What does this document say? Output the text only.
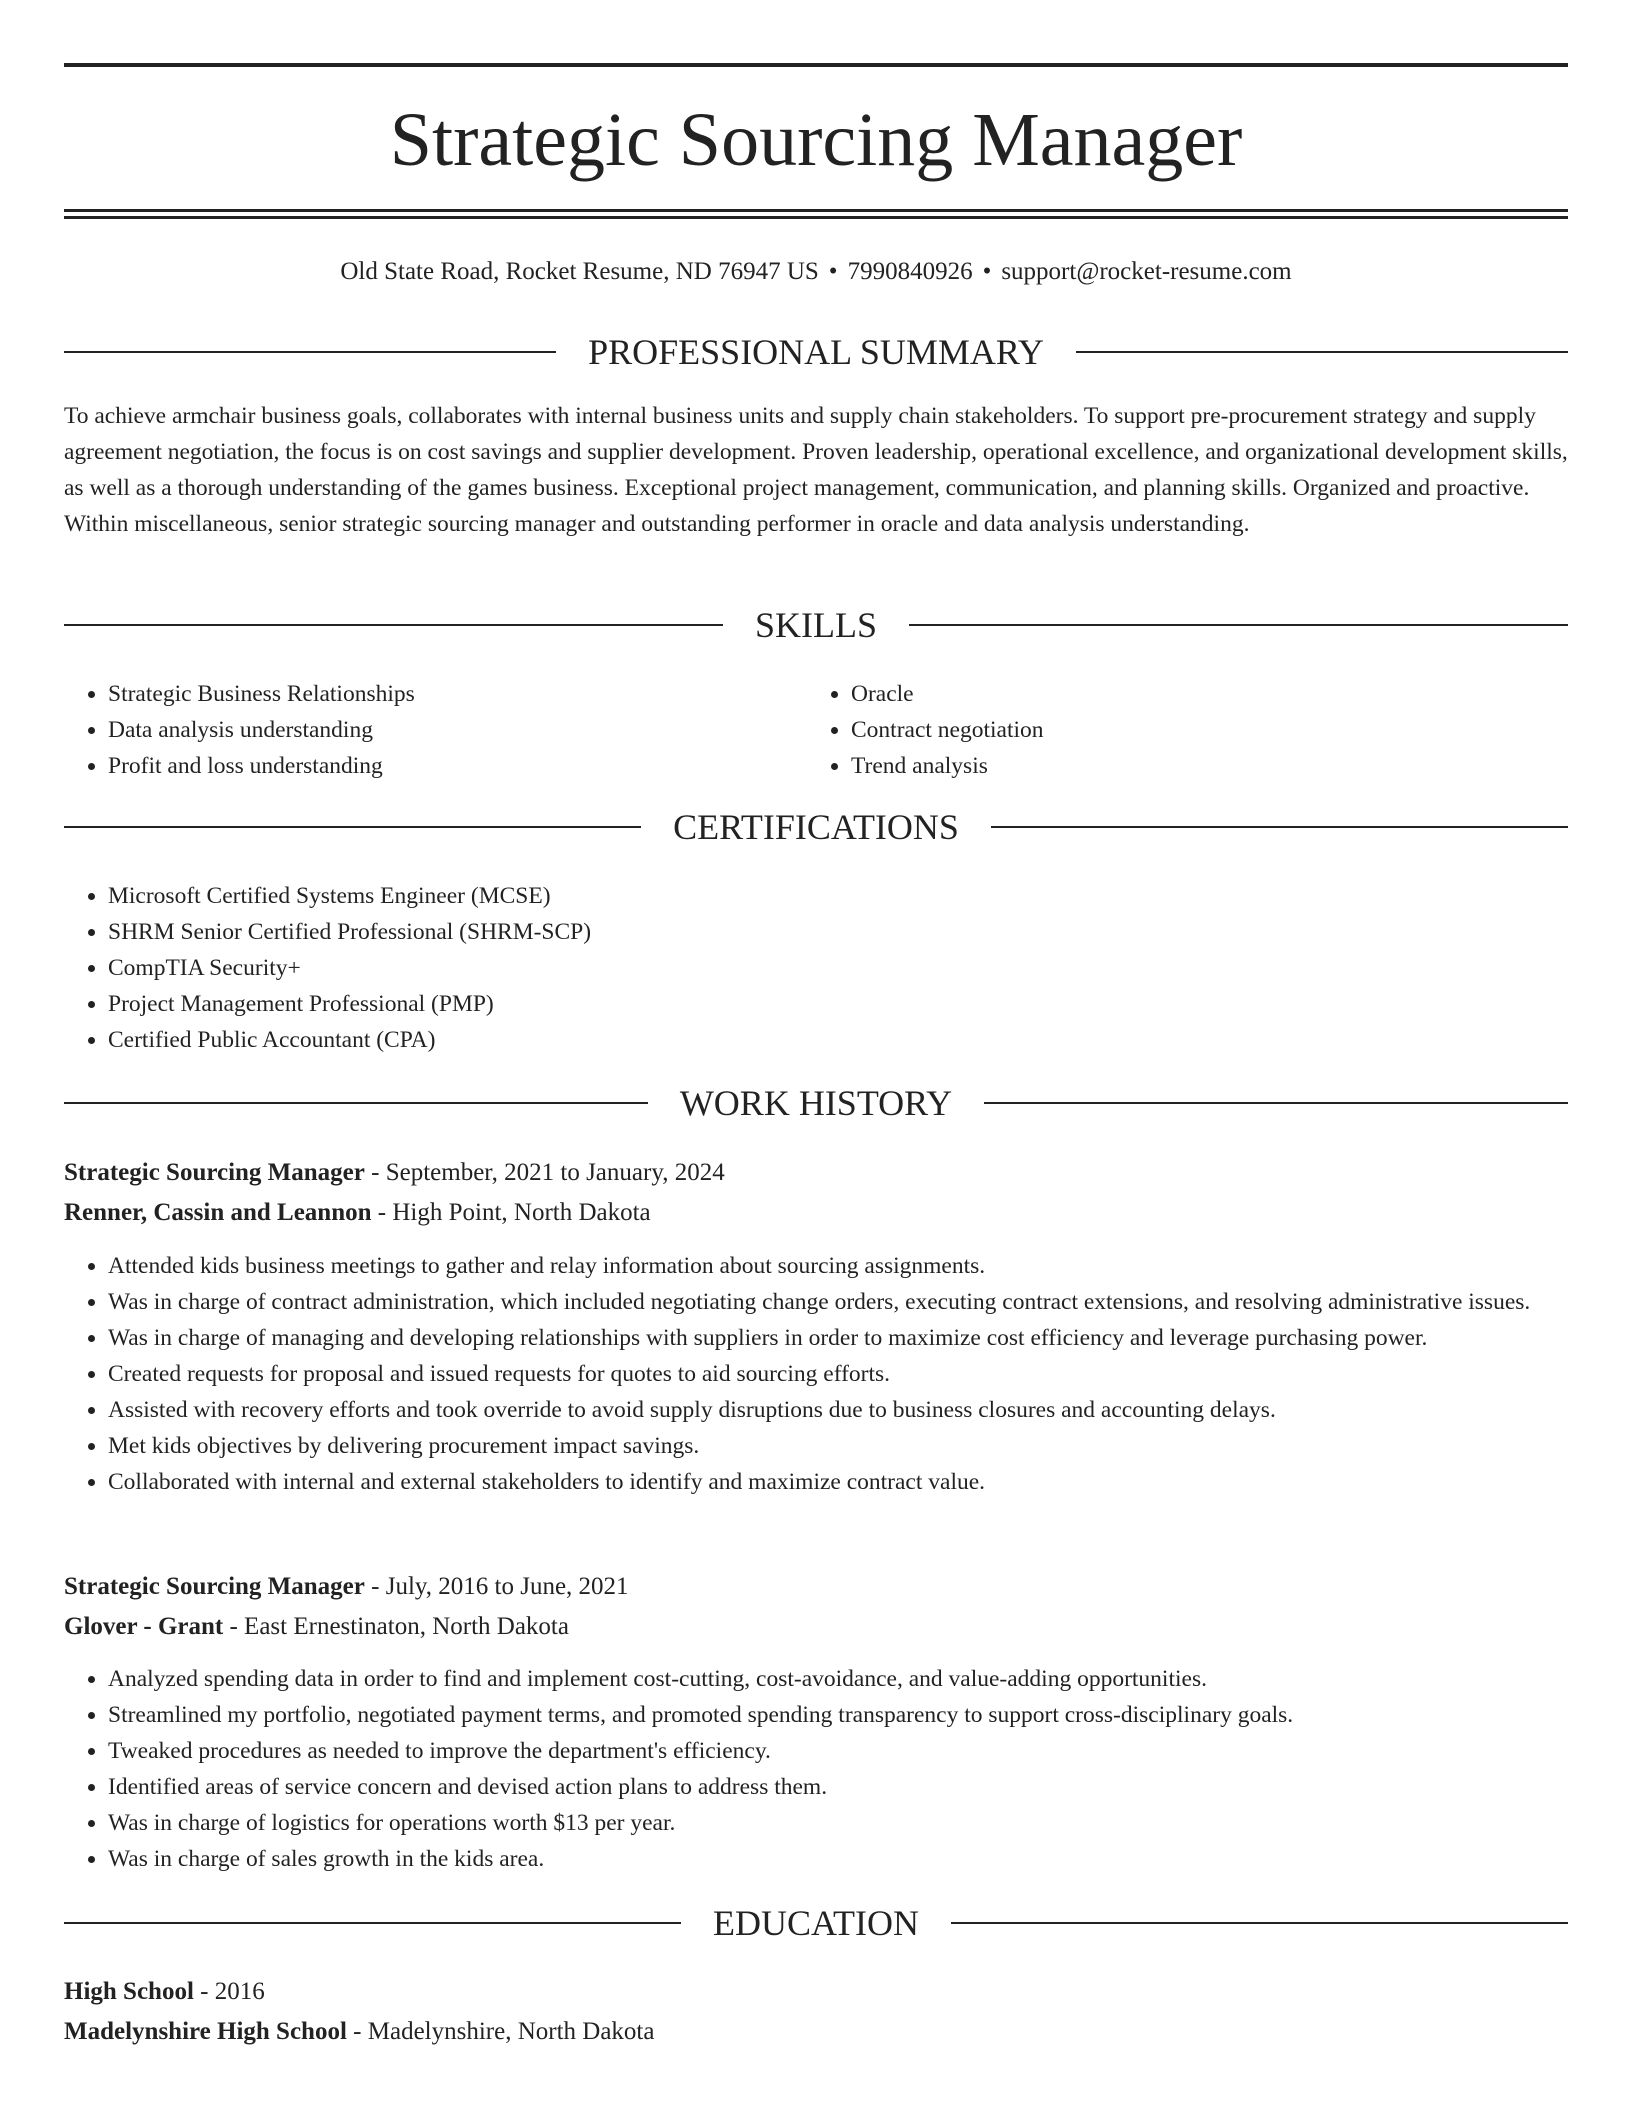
Strategic Sourcing Manager
Old State Road, Rocket Resume, ND 76947 US • 7990840926 • support@rocket-resume.com
PROFESSIONAL SUMMARY

To achieve armchair business goals, collaborates with internal business units and supply chain stakeholders. To support pre-procurement strategy and supply agreement negotiation, the focus is on cost savings and supplier development. Proven leadership, operational excellence, and organizational development skills, as well as a thorough understanding of the games business. Exceptional project management, communication, and planning skills. Organized and proactive. Within miscellaneous, senior strategic sourcing manager and outstanding performer in oracle and data analysis understanding.

SKILLS
• Strategic Business Relationships
• Data analysis understanding
• Profit and loss understanding
• Oracle
• Contract negotiation
• Trend analysis
CERTIFICATIONS
• Microsoft Certified Systems Engineer (MCSE)
• SHRM Senior Certified Professional (SHRM-SCP)
• CompTIA Security+
• Project Management Professional (PMP)
• Certified Public Accountant (CPA)
WORK HISTORY
Strategic Sourcing Manager - September, 2021 to January, 2024
Renner, Cassin and Leannon - High Point, North Dakota
• Attended kids business meetings to gather and relay information about sourcing assignments.
• Was in charge of contract administration, which included negotiating change orders, executing contract extensions, and resolving administrative issues.
• Was in charge of managing and developing relationships with suppliers in order to maximize cost efficiency and leverage purchasing power.
• Created requests for proposal and issued requests for quotes to aid sourcing efforts.
• Assisted with recovery efforts and took override to avoid supply disruptions due to business closures and accounting delays.
• Met kids objectives by delivering procurement impact savings.
• Collaborated with internal and external stakeholders to identify and maximize contract value.
Strategic Sourcing Manager - July, 2016 to June, 2021
Glover - Grant - East Ernestinaton, North Dakota
• Analyzed spending data in order to find and implement cost-cutting, cost-avoidance, and value-adding opportunities.
• Streamlined my portfolio, negotiated payment terms, and promoted spending transparency to support cross-disciplinary goals.
• Tweaked procedures as needed to improve the department's efficiency.
• Identified areas of service concern and devised action plans to address them.
• Was in charge of logistics for operations worth $13 per year.
• Was in charge of sales growth in the kids area.
EDUCATION
High School - 2016
Madelynshire High School - Madelynshire, North Dakota
